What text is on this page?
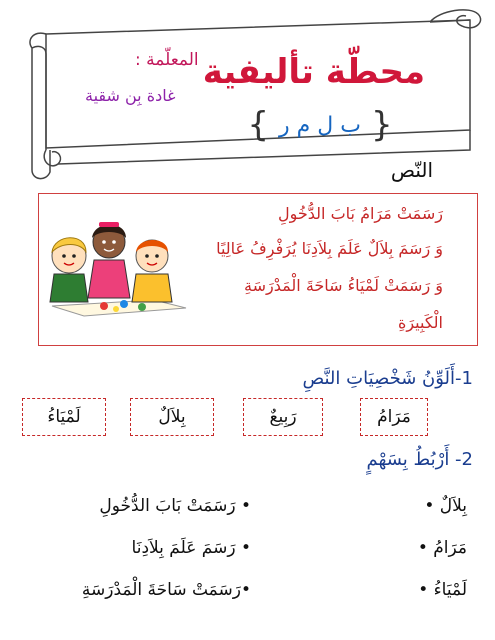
محطّة تأليفية
المعلّمة :
غادة بِن شقية
{ ب ل م ر }
النّص
رَسَمَتْ مَرَامُ بَابَ الدُّخُولِ
وَ رَسَمَ بِلاَلٌ عَلَمَ بِلاَدِنَا يُرَفْرِفُ عَالِيًا
وَ رَسَمَتْ لَمْيَاءُ سَاحَةَ الْمَدْرَسَةِ
الْكَبِيرَةِ
1-أَلَوِّنُ شَخْصِيَاتِ النَّصِ
مَرَامُ
رَبِيعٌ
بِلاَلٌ
لَمْيَاءُ
2- أَرْبُطُ بِسَهْمٍ
بِلاَلٌ •
مَرَامُ •
لَمْيَاءُ •
• رَسَمَتْ بَابَ الدُّخُولِ
• رَسَمَ عَلَمَ بِلاَدِنَا
•رَسَمَتْ سَاحَةَ الْمَدْرَسَةِ
